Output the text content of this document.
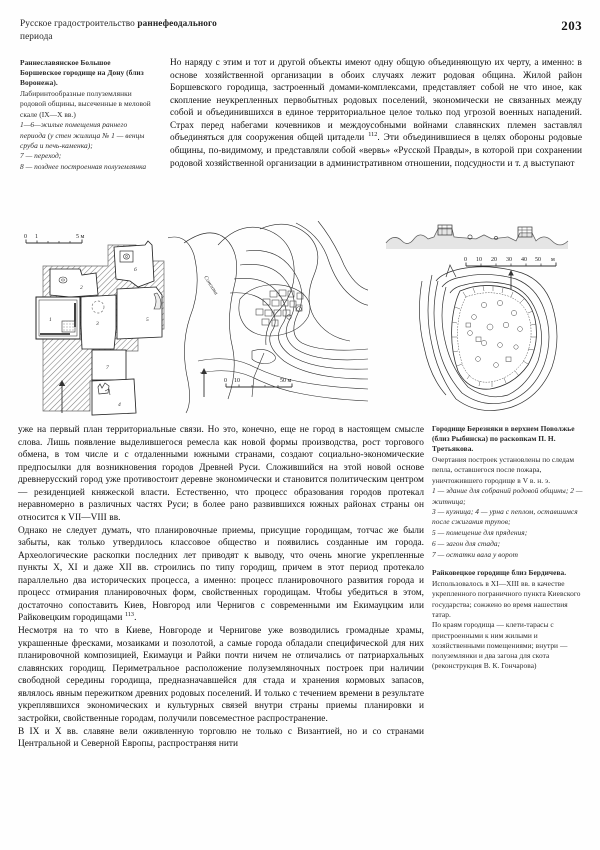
Русское градостроительство раннефеодального
периода
203

Раннеславянское Большое Боршевское городище на Дону (близ Воронежа).

Лабиринтообразные полуземлянки родовой общины, высеченные в меловой скале (IX—X вв.)

1—6—жилые помещения раннего периода (у стен жилища № 1 — венцы сруба и печь-каменка);

7 — переход;

8 — позднее построенная полуземлянка

Но наряду с этим и тот и другой объекты имеют одну общую объединяющую их черту, а именно: в основе хозяйственной организации в обоих случаях лежит родовая община. Жилой район Боршевского городища, застроенный домами-комплексами, представляет собой не что иное, как скопление неукрепленных первобытных родовых поселений, экономически не связанных между собой и объединившихся в единое территориальное целое только под угрозой военных нападений. Страх перед набегами кочевников и междоусобными войнами славянских племен заставлял объединяться для сооружения общей цитадели $^{112}$. Эти объединившиеся в целях обороны родовые общины, по-видимому, и представляли собой «вервь» «Русской Правды», в которой при сохранении родовой хозяйственной организации в административном отношении, подсудности и т. д выступают

0 1	5 м
6
2
1
3
5
7
4
Сонохта
0 10	50 м
0 10 20 30 40 50 м

уже на первый план территориальные связи. Но это, конечно, еще не город в настоящем смысле слова. Лишь появление выделившегося ремесла как новой формы производства, рост торгового обмена, в том числе и с отдаленными южными странами, создают социально-экономические предпосылки для возникновения городов Древней Руси. Сложившийся на этой новой основе древнерусский город уже противостоит деревне экономически и становится политическим центром — резиденцией княжеской власти. Естественно, что процесс образования городов протекал неравномерно в различных частях Руси; в более рано развившихся южных районах страны он относится к VII—VIII вв.

Однако не следует думать, что планировочные приемы, присущие городищам, тотчас же были забыты, как только утвердилось классовое общество и появились созданные им города. Археологические раскопки последних лет приводят к выводу, что очень многие укрепленные пункты X, XI и даже XII вв. строились по типу городищ, причем в этот период протекало параллельно два исторических процесса, а именно: процесс планировочного развития города и процесс отмирания планировочных форм, свойственных городищам. Чтобы убедиться в этом, достаточно сопоставить Киев, Новгород или Чернигов с современными им Екимауцким или Райковецким городищами $^{113}$.

Несмотря на то что в Киеве, Новгороде и Чернигове уже возводились громадные храмы, украшенные фресками, мозаиками и позолотой, а самые города обладали специфической для них планировочной композицией, Екимауци и Райки почти ничем не отличались от патриархальных славянских городищ. Периметральное расположение полуземляночных построек при наличии свободной середины городища, предназначавшейся для стада и хранения кормовых запасов, являлось явным пережитком древних родовых поселений. И только с течением времени в результате укреплявшихся экономических и культурных связей внутри страны приемы планировки и застройки, свойственные городам, получили повсеместное распространение.

В IX и X вв. славяне вели оживленную торговлю не только с Византией, но и со странами Центральной и Северной Европы, распространяя нити

Городище Березняки в верхнем Поволжье (близ Рыбинска) по раскопкам П. Н. Третьякова.

Очертания построек установлены по следам пепла, оставшегося после пожара, уничтожившего городище в V в. н. э.

1 — здание для собраний родовой общины; 2 — житница;

3 — кузница; 4 — урна с пеплом, оставшимся после сжигания трупов;

5 — помещение для прядения;

6 — загон для стада;

7 — остатки вала у ворот

Райковецкое городище близ Бердичева.

Использовалось в XI—XIII вв. в качестве укрепленного пограничного пункта Киевского государства; сожжено во время нашествия татар.

По краям городища — клети-тарасы с пристроенными к ним жилыми и хозяйственными помещениями; внутри — полуземлянки и два загона для скота (реконструкция В. К. Гончарова)
